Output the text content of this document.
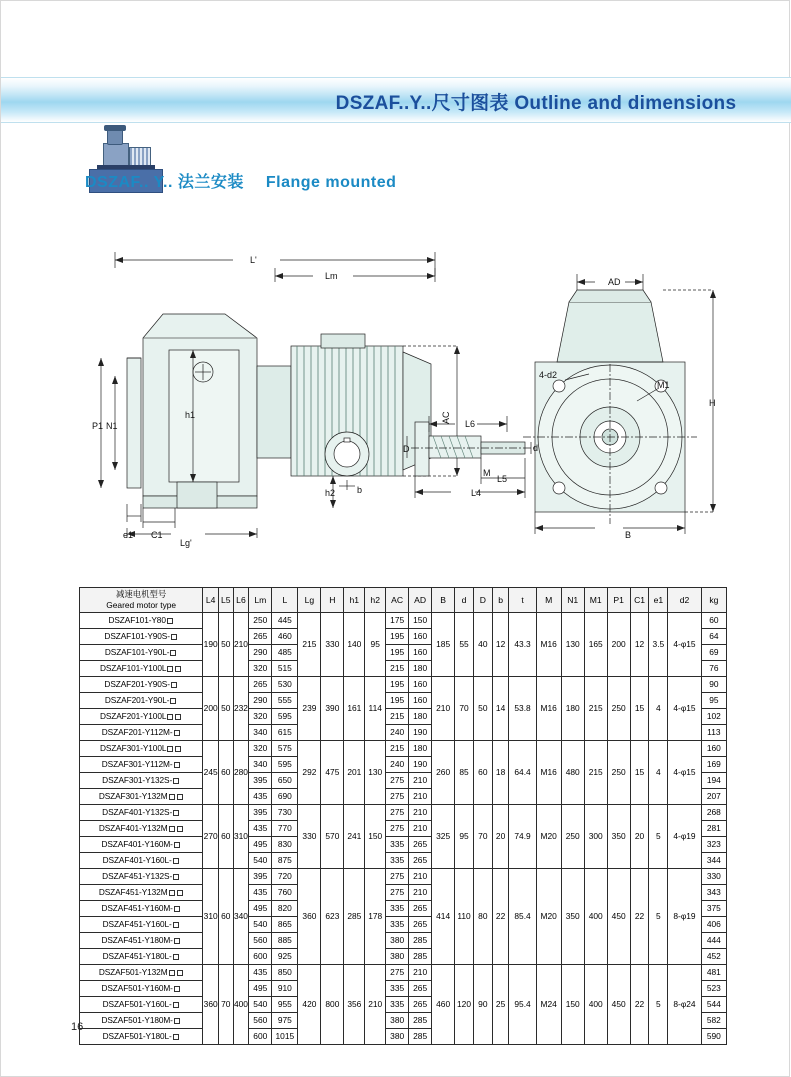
DSZAF..Y..尺寸图表 Outline and dimensions
DSZAF.. Y.. 法兰安装 Flange mounted
L'
Lm
h1
h2
P1 N1
e1 C1
Lg'
AC L6
M
L5
L4
D	d
b
AD
H
B
4-d2
M1
减速电机型号
Geared motor type	L4	L5	L6	Lm	L	Lg	H	h1	h2	AC	AD	B	d	D	b	t	M	N1	M1	P1	C1	e1	d2	kg
DSZAF101-Y80	190	50	210	250	445	215	330	140	95	175	150	185	55	40	12	43.3	M16	130	165	200	12	3.5	4-φ15	60
DSZAF101-Y90S-				265	460					195	160													64
DSZAF101-Y90L-				290	485					195	160													69
DSZAF101-Y100L				320	515					215	180													76
DSZAF201-Y90S-	200	50	232	265	530	239	390	161	114	195	160	210	70	50	14	53.8	M16	180	215	250	15	4	4-φ15	90
DSZAF201-Y90L-				290	555					195	160													95
DSZAF201-Y100L				320	595					215	180													102
DSZAF201-Y112M-				340	615					240	190													113
DSZAF301-Y100L	245	60	280	320	575	292	475	201	130	215	180	260	85	60	18	64.4	M16	480	215	250	15	4	4-φ15	160
DSZAF301-Y112M-				340	595					240	190													169
DSZAF301-Y132S-				395	650					275	210													194
DSZAF301-Y132M				435	690					275	210													207
DSZAF401-Y132S-	270	60	310	395	730	330	570	241	150	275	210	325	95	70	20	74.9	M20	250	300	350	20	5	4-φ19	268
DSZAF401-Y132M				435	770					275	210													281
DSZAF401-Y160M-				495	830					335	265													323
DSZAF401-Y160L-				540	875					335	265													344
DSZAF451-Y132S-	310	60	340	395	720	360	623	285	178	275	210	414	110	80	22	85.4	M20	350	400	450	22	5	8-φ19	330
DSZAF451-Y132M				435	760					275	210													343
DSZAF451-Y160M-				495	820					335	265													375
DSZAF451-Y160L-				540	865					335	265													406
DSZAF451-Y180M-				560	885					380	285													444
DSZAF451-Y180L-				600	925					380	285													452
DSZAF501-Y132M	360	70	400	435	850	420	800	356	210	275	210	460	120	90	25	95.4	M24	150	400	450	22	5	8-φ24	481
DSZAF501-Y160M-				495	910					335	265													523
DSZAF501-Y160L-				540	955					335	265													544
DSZAF501-Y180M-				560	975					380	285													582
DSZAF501-Y180L-				600	1015					380	285													590
16
